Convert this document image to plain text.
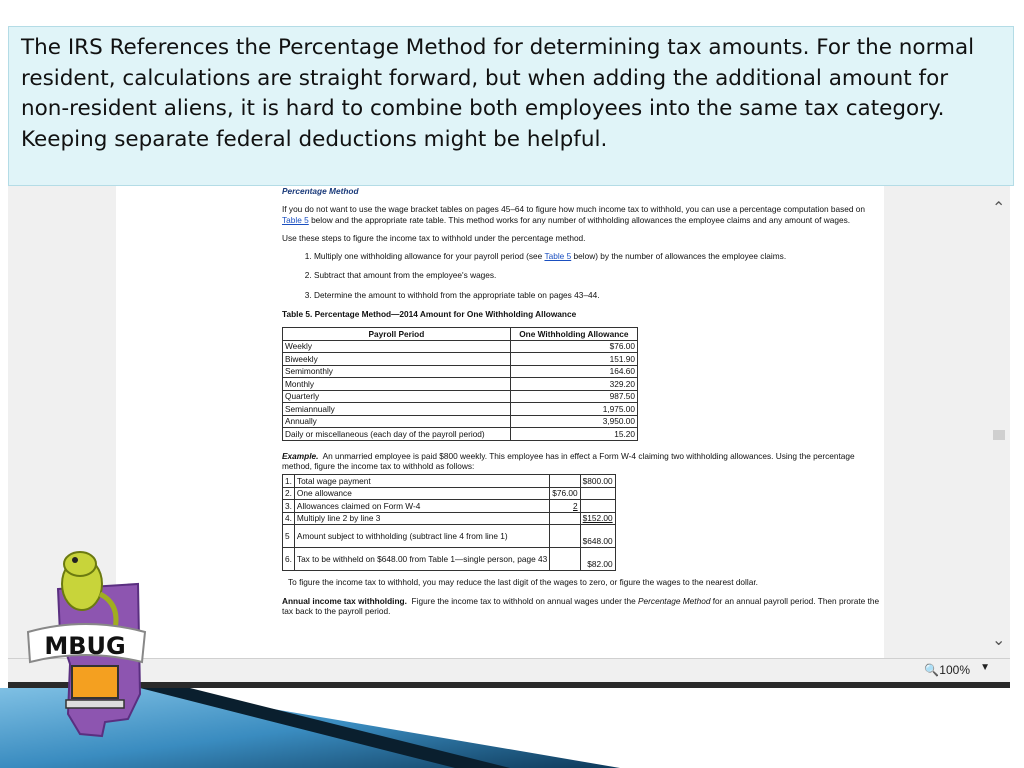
Percentage Method

If you do not want to use the wage bracket tables on pages 45–64 to figure how much income tax to withhold, you can use a percentage computation based on Table 5 below and the appropriate rate table. This method works for any number of withholding allowances the employee claims and any amount of wages.

Use these steps to figure the income tax to withhold under the percentage method.

1. Multiply one withholding allowance for your payroll period (see Table 5 below) by the number of allowances the employee claims.
2. Subtract that amount from the employee's wages.
3. Determine the amount to withhold from the appropriate table on pages 43–44.

Table 5. Percentage Method—2014 Amount for One Withholding Allowance

Payroll Period	One Withholding Allowance
Weekly	$76.00
Biweekly	151.90
Semimonthly	164.60
Monthly	329.20
Quarterly	987.50
Semiannually	1,975.00
Annually	3,950.00
Daily or miscellaneous (each day of the payroll period)	15.20

Example. An unmarried employee is paid $800 weekly. This employee has in effect a Form W-4 claiming two withholding allowances. Using the percentage method, figure the income tax to withhold as follows:

1.	Total wage payment		$800.00
2.	One allowance	$76.00	
3.	Allowances claimed on Form W-4	2	
4.	Multiply line 2 by line 3		$152.00
5	Amount subject to withholding (subtract line 4 from line 1)		$648.00
6.	Tax to be withheld on $648.00 from Table 1—single person, page 43		$82.00

To figure the income tax to withhold, you may reduce the last digit of the wages to zero, or figure the wages to the nearest dollar.

Annual income tax withholding. Figure the income tax to withhold on annual wages under the Percentage Method for an annual payroll period. Then prorate the tax back to the payroll period.

⌃
⌄
🔍100% ▼
The IRS References the Percentage Method for determining tax amounts. For the normal resident, calculations are straight forward, but when adding the additional amount for non-resident aliens, it is hard to combine both employees into the same tax category. Keeping separate federal deductions might be helpful.
MBUG
